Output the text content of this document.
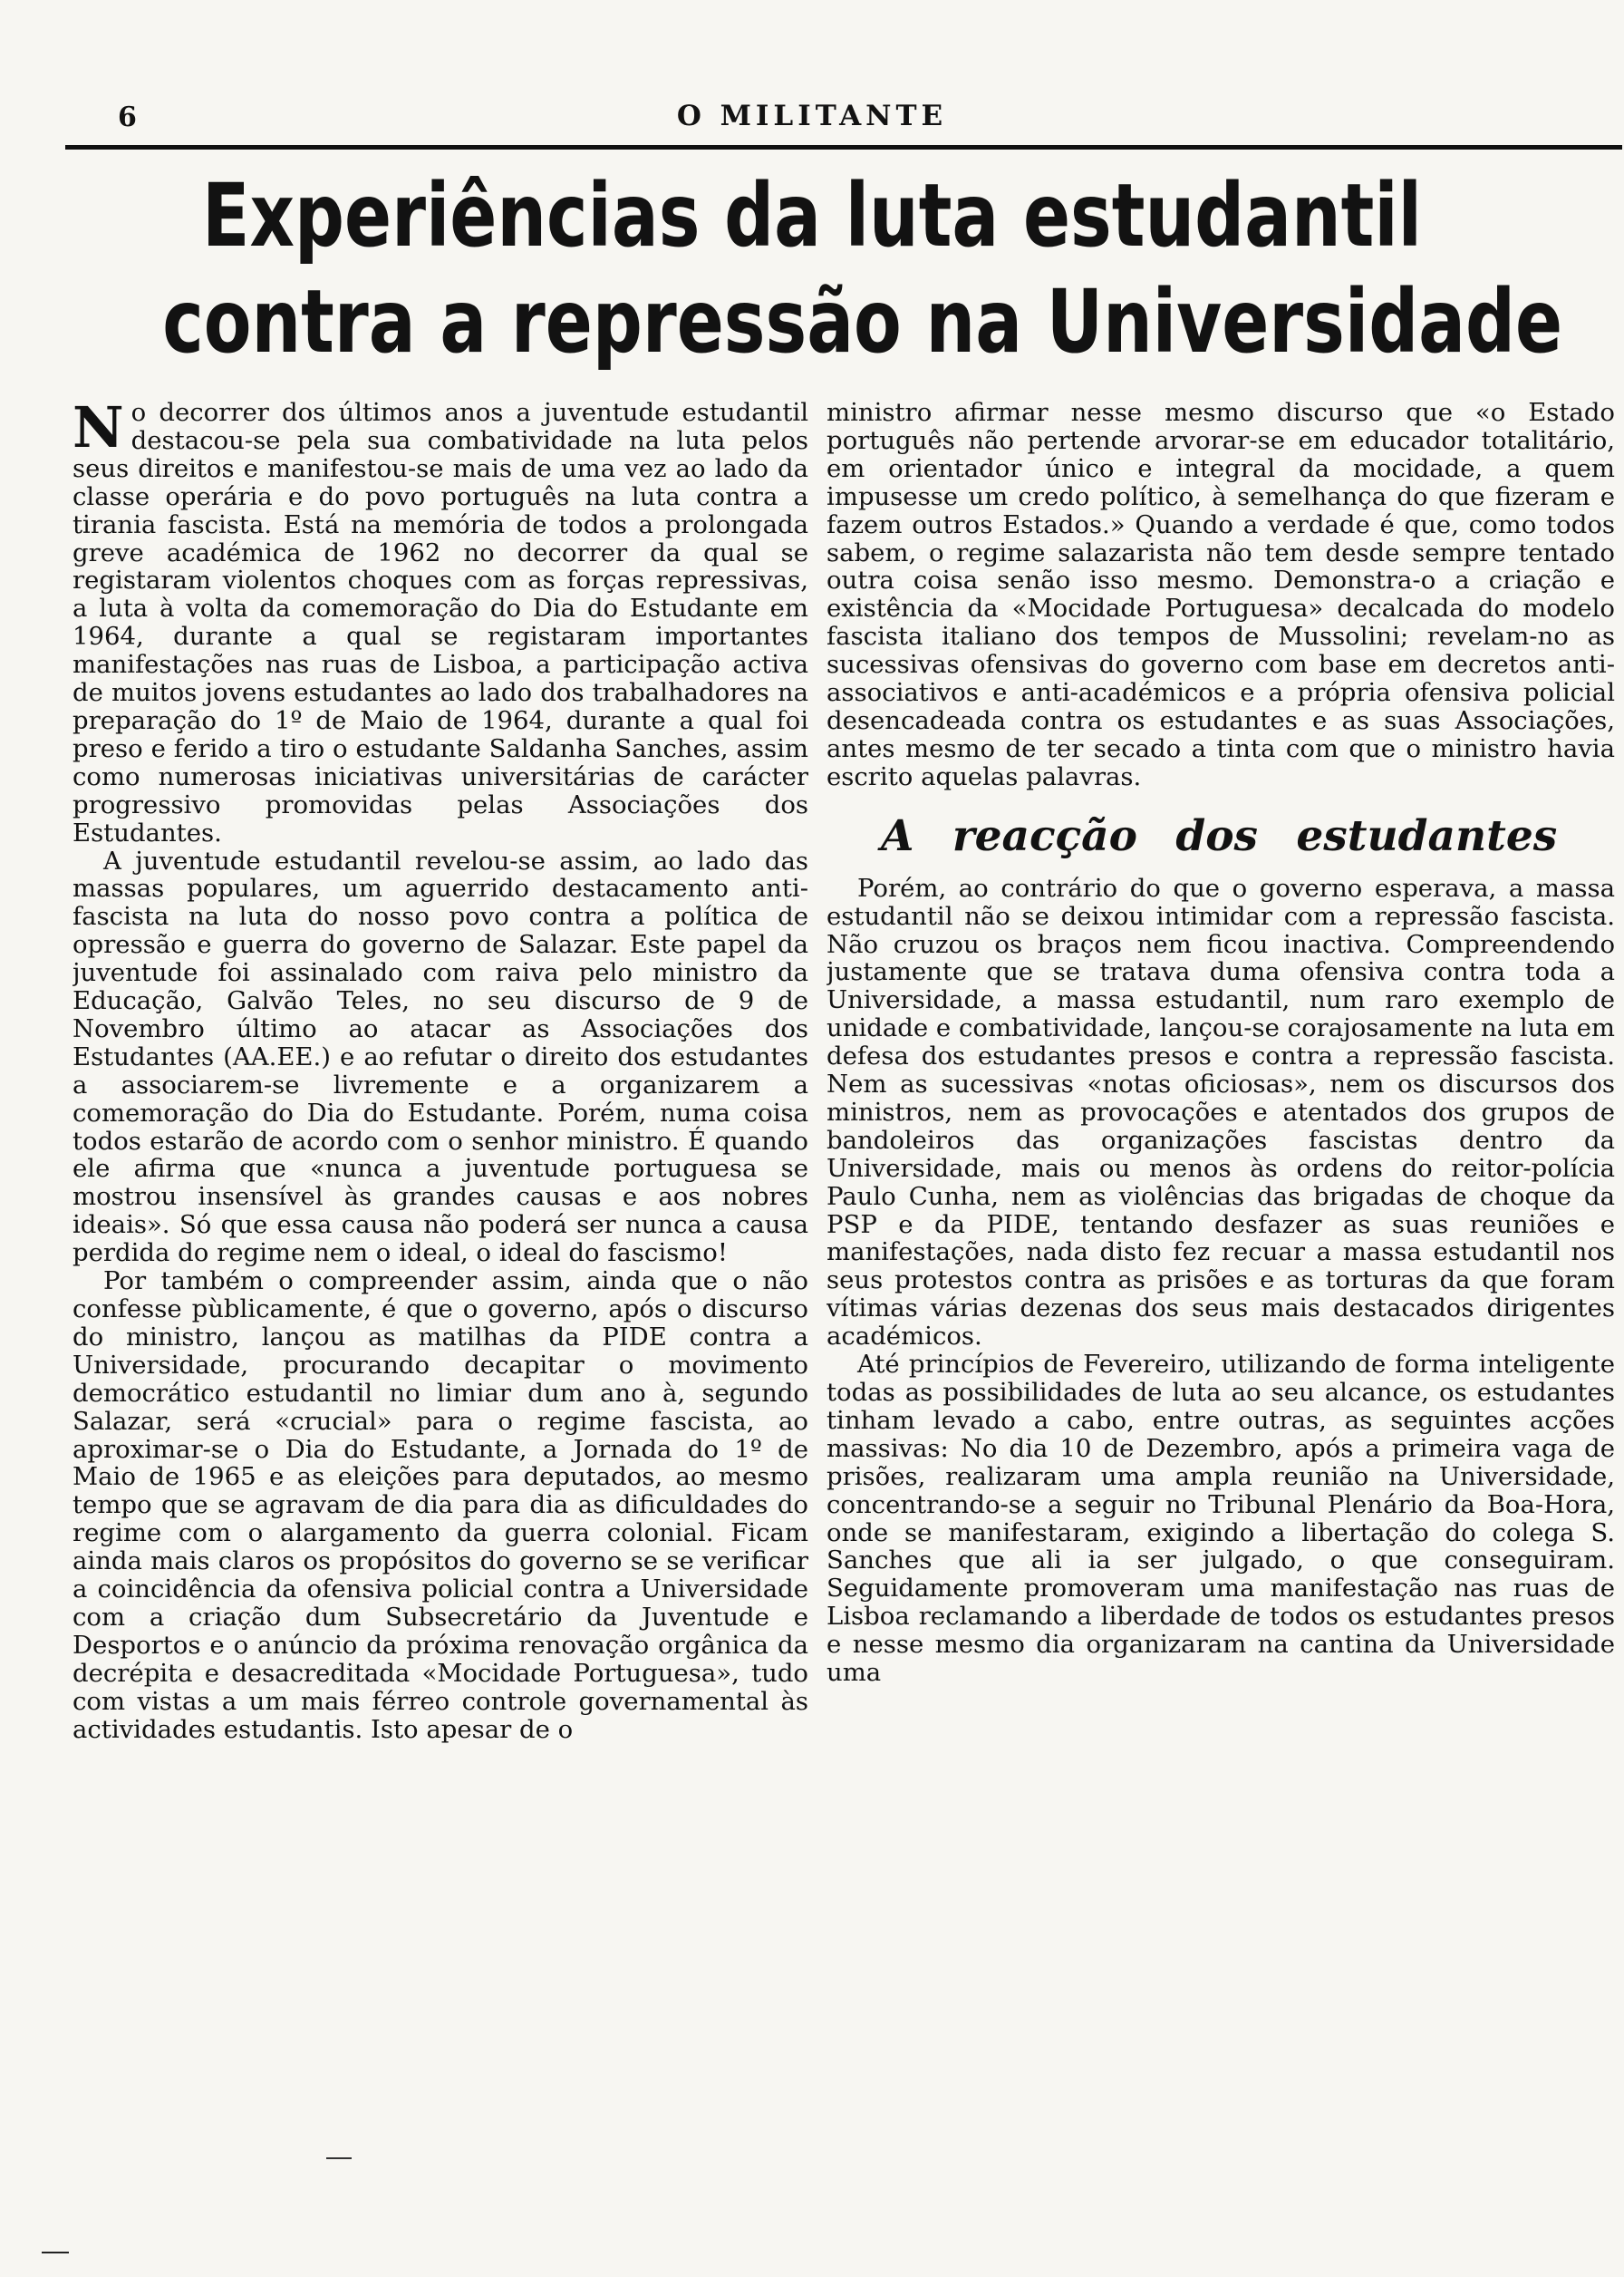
6	O MILITANTE
Experiências da luta estudantil
contra a repressão na Universidade

No decorrer dos últimos anos a juventude estudantil destacou-se pela sua combatividade na luta pelos seus direitos e manifestou-se mais de uma vez ao lado da classe operária e do povo português na luta contra a tirania fascista. Está na memória de todos a prolongada greve académica de 1962 no decorrer da qual se registaram violentos choques com as forças repressivas, a luta à volta da comemoração do Dia do Estudante em 1964, durante a qual se registaram importantes manifestações nas ruas de Lisboa, a participação activa de muitos jovens estudantes ao lado dos trabalhadores na preparação do 1º de Maio de 1964, durante a qual foi preso e ferido a tiro o estudante Saldanha Sanches, assim como numerosas iniciativas universitárias de carácter progressivo promovidas pelas Associações dos Estudantes.

A juventude estudantil revelou-se assim, ao lado das massas populares, um aguerrido destacamento anti-fascista na luta do nosso povo contra a política de opressão e guerra do governo de Salazar. Este papel da juventude foi assinalado com raiva pelo ministro da Educação, Galvão Teles, no seu discurso de 9 de Novembro último ao atacar as Associações dos Estudantes (AA.EE.) e ao refutar o direito dos estudantes a associarem-se livremente e a organizarem a comemoração do Dia do Estudante. Porém, numa coisa todos estarão de acordo com o senhor ministro. É quando ele afirma que «nunca a juventude portuguesa se mostrou insensível às grandes causas e aos nobres ideais». Só que essa causa não poderá ser nunca a causa perdida do regime nem o ideal, o ideal do fascismo!

Por também o compreender assim, ainda que o não confesse pùblicamente, é que o governo, após o discurso do ministro, lançou as matilhas da PIDE contra a Universidade, procurando decapitar o movimento democrático estudantil no limiar dum ano à, segundo Salazar, será «crucial» para o regime fascista, ao aproximar-se o Dia do Estudante, a Jornada do 1º de Maio de 1965 e as eleições para deputados, ao mesmo tempo que se agravam de dia para dia as dificuldades do regime com o alargamento da guerra colonial. Ficam ainda mais claros os propósitos do governo se se verificar a coincidência da ofensiva policial contra a Universidade com a criação dum Subsecretário da Juventude e Desportos e o anúncio da próxima renovação orgânica da decrépita e desacreditada «Mocidade Portuguesa», tudo com vistas a um mais férreo controle governamental às actividades estudantis. Isto apesar de o

ministro afirmar nesse mesmo discurso que «o Estado português não pertende arvorar-se em educador totalitário, em orientador único e integral da mocidade, a quem impusesse um credo político, à semelhança do que fizeram e fazem outros Estados.» Quando a verdade é que, como todos sabem, o regime salazarista não tem desde sempre tentado outra coisa senão isso mesmo. Demonstra-o a criação e existência da «Mocidade Portuguesa» decalcada do modelo fascista italiano dos tempos de Mussolini; revelam-no as sucessivas ofensivas do governo com base em decretos anti-associativos e anti-académicos e a própria ofensiva policial desencadeada contra os estudantes e as suas Associações, antes mesmo de ter secado a tinta com que o ministro havia escrito aquelas palavras.

A reacção dos estudantes

Porém, ao contrário do que o governo esperava, a massa estudantil não se deixou intimidar com a repressão fascista. Não cruzou os braços nem ficou inactiva. Compreendendo justamente que se tratava duma ofensiva contra toda a Universidade, a massa estudantil, num raro exemplo de unidade e combatividade, lançou-se corajosamente na luta em defesa dos estudantes presos e contra a repressão fascista. Nem as sucessivas «notas oficiosas», nem os discursos dos ministros, nem as provocações e atentados dos grupos de bandoleiros das organizações fascistas dentro da Universidade, mais ou menos às ordens do reitor-polícia Paulo Cunha, nem as violências das brigadas de choque da PSP e da PIDE, tentando desfazer as suas reuniões e manifestações, nada disto fez recuar a massa estudantil nos seus protestos contra as prisões e as torturas da que foram vítimas várias dezenas dos seus mais destacados dirigentes académicos.

Até princípios de Fevereiro, utilizando de forma inteligente todas as possibilidades de luta ao seu alcance, os estudantes tinham levado a cabo, entre outras, as seguintes acções massivas: No dia 10 de Dezembro, após a primeira vaga de prisões, realizaram uma ampla reunião na Universidade, concentrando-se a seguir no Tribunal Plenário da Boa-Hora, onde se manifestaram, exigindo a libertação do colega S. Sanches que ali ia ser julgado, o que conseguiram. Seguidamente promoveram uma manifestação nas ruas de Lisboa reclamando a liberdade de todos os estudantes presos e nesse mesmo dia organizaram na cantina da Universidade uma
